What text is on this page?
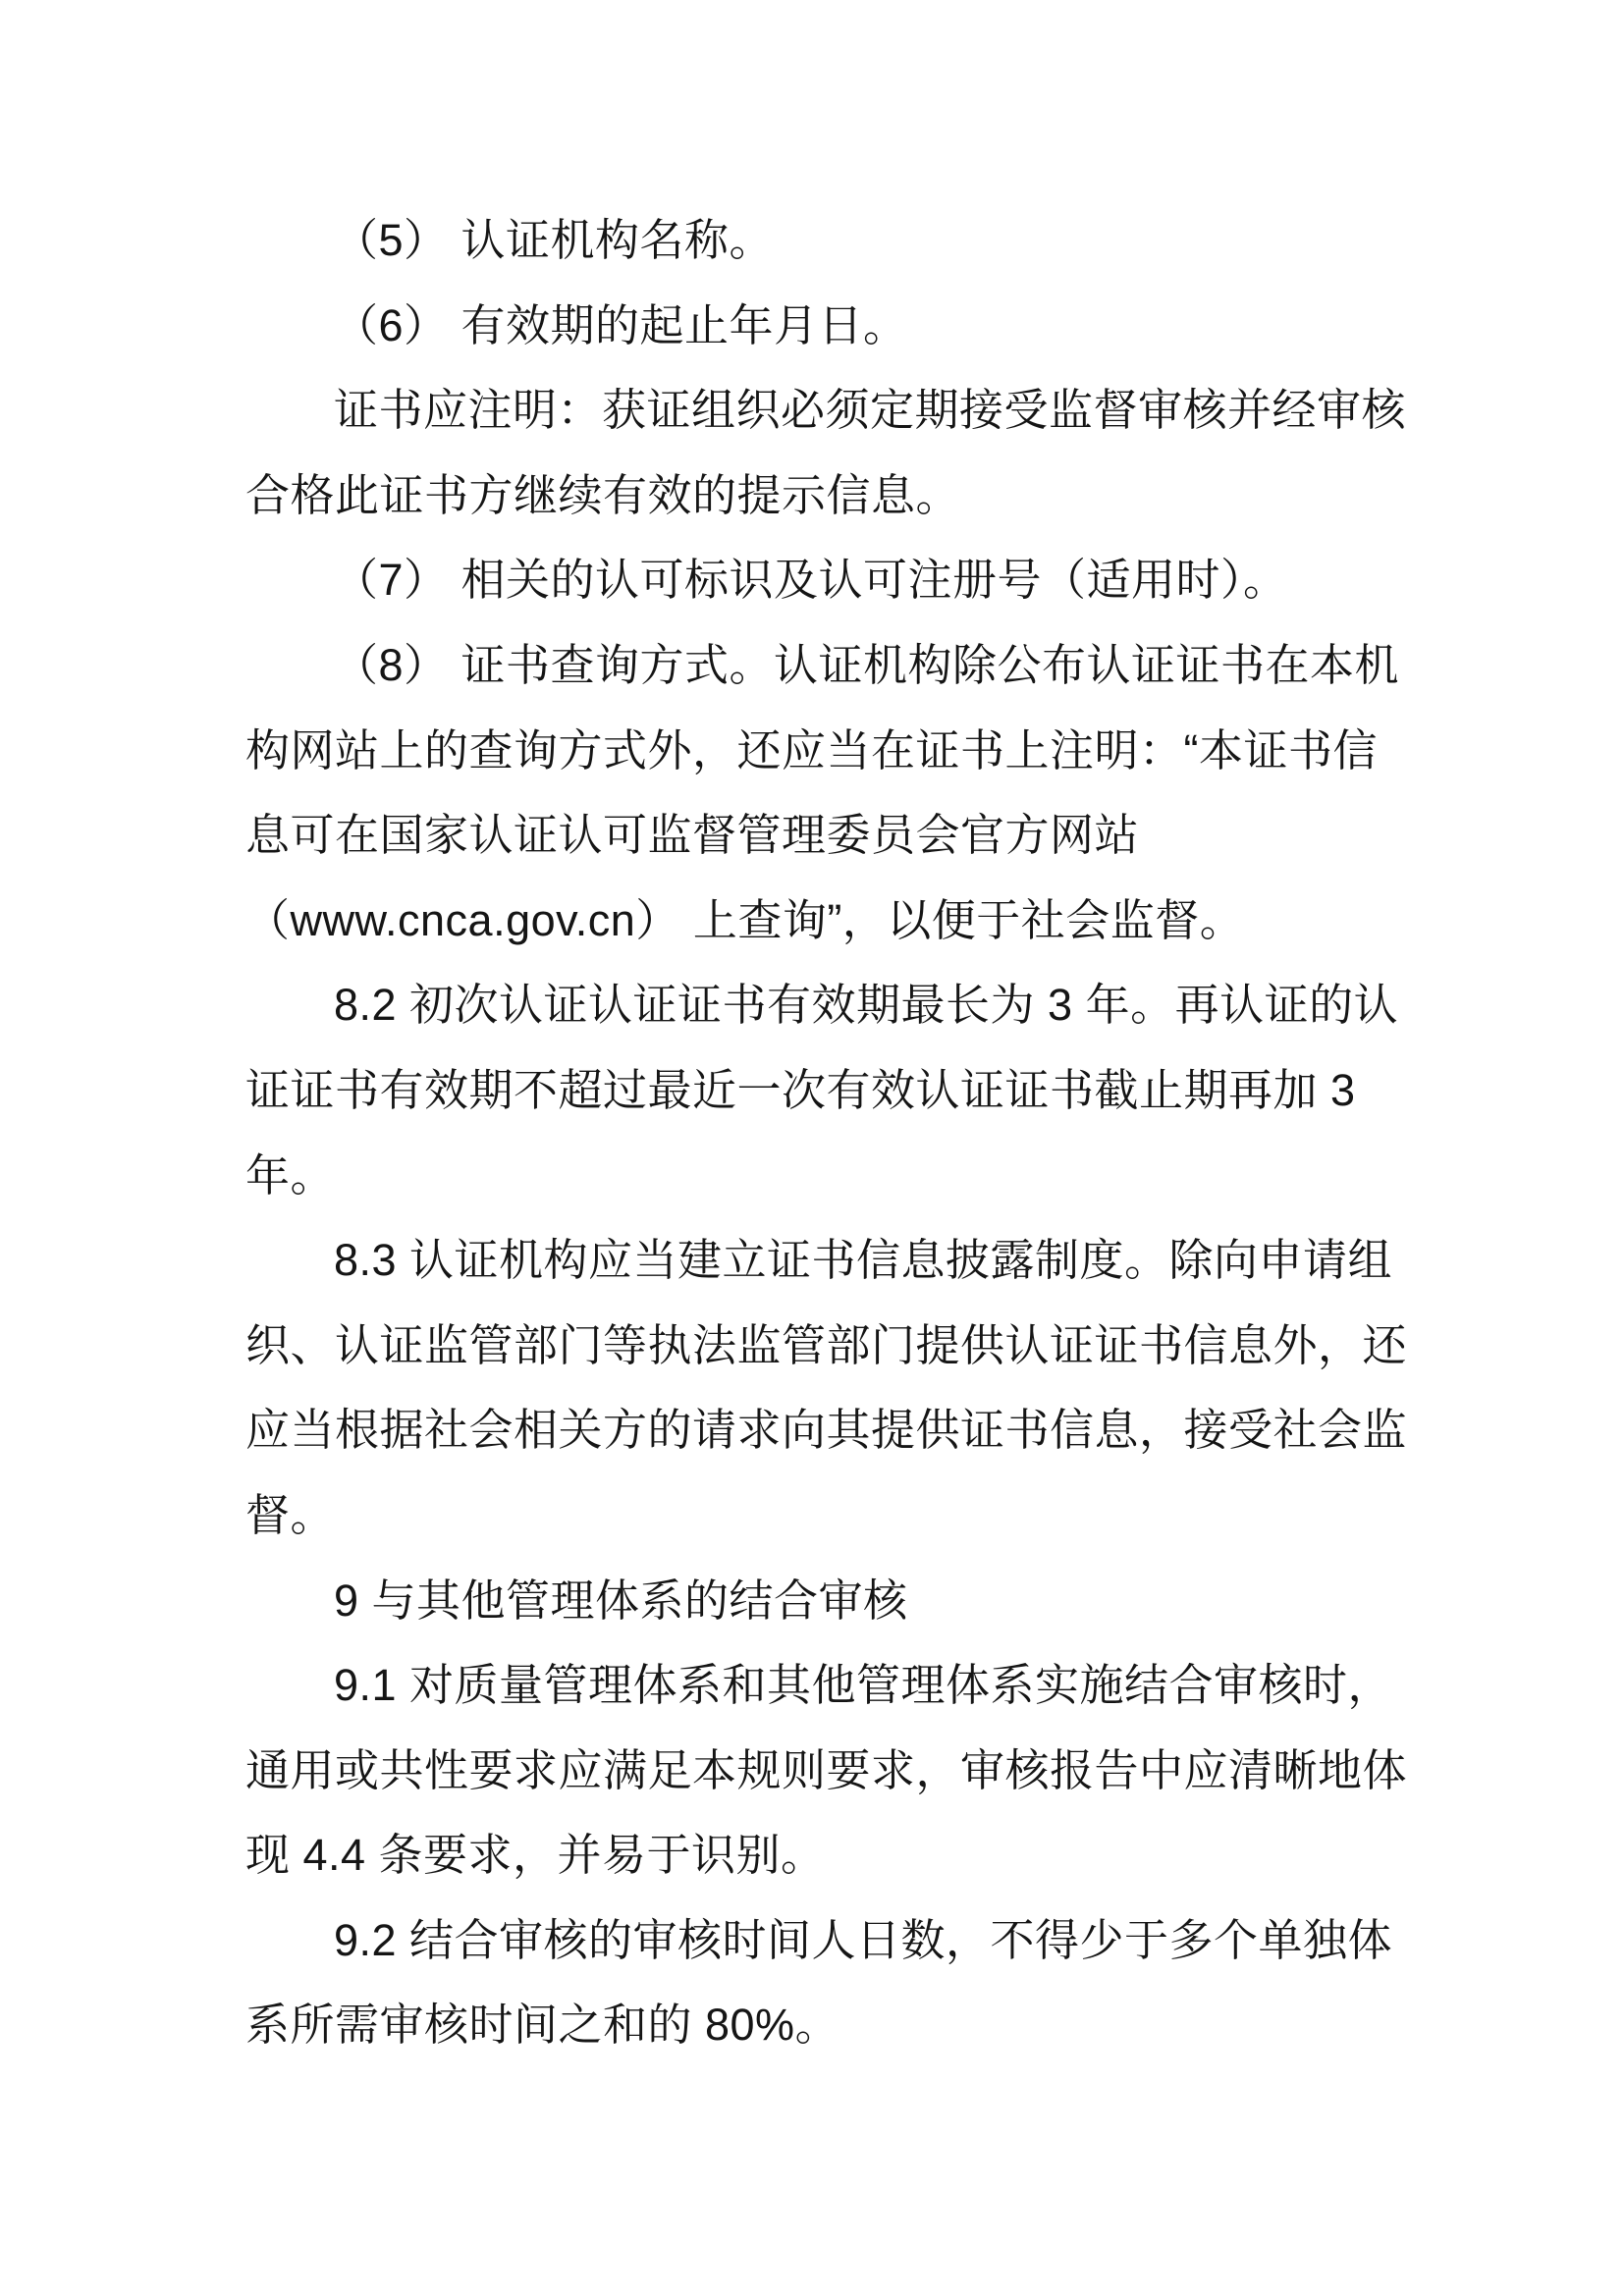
（5） 认证机构名称。
（6） 有效期的起止年月日。
证书应注明：获证组织必须定期接受监督审核并经审核
合格此证书方继续有效的提示信息。
（7） 相关的认可标识及认可注册号（适用时）。
（8） 证书查询方式。认证机构除公布认证证书在本机
构网站上的查询方式外，还应当在证书上注明：“本证书信
息可在国家认证认可监督管理委员会官方网站
（www.cnca.gov.cn） 上查询”，以便于社会监督。
8.2 初次认证认证证书有效期最长为 3 年。再认证的认
证证书有效期不超过最近一次有效认证证书截止期再加 3
年。
8.3 认证机构应当建立证书信息披露制度。除向申请组
织、认证监管部门等执法监管部门提供认证证书信息外，还
应当根据社会相关方的请求向其提供证书信息，接受社会监
督。
9 与其他管理体系的结合审核
9.1 对质量管理体系和其他管理体系实施结合审核时，
通用或共性要求应满足本规则要求，审核报告中应清晰地体
现 4.4 条要求，并易于识别。
9.2 结合审核的审核时间人日数，不得少于多个单独体
系所需审核时间之和的 80%。
